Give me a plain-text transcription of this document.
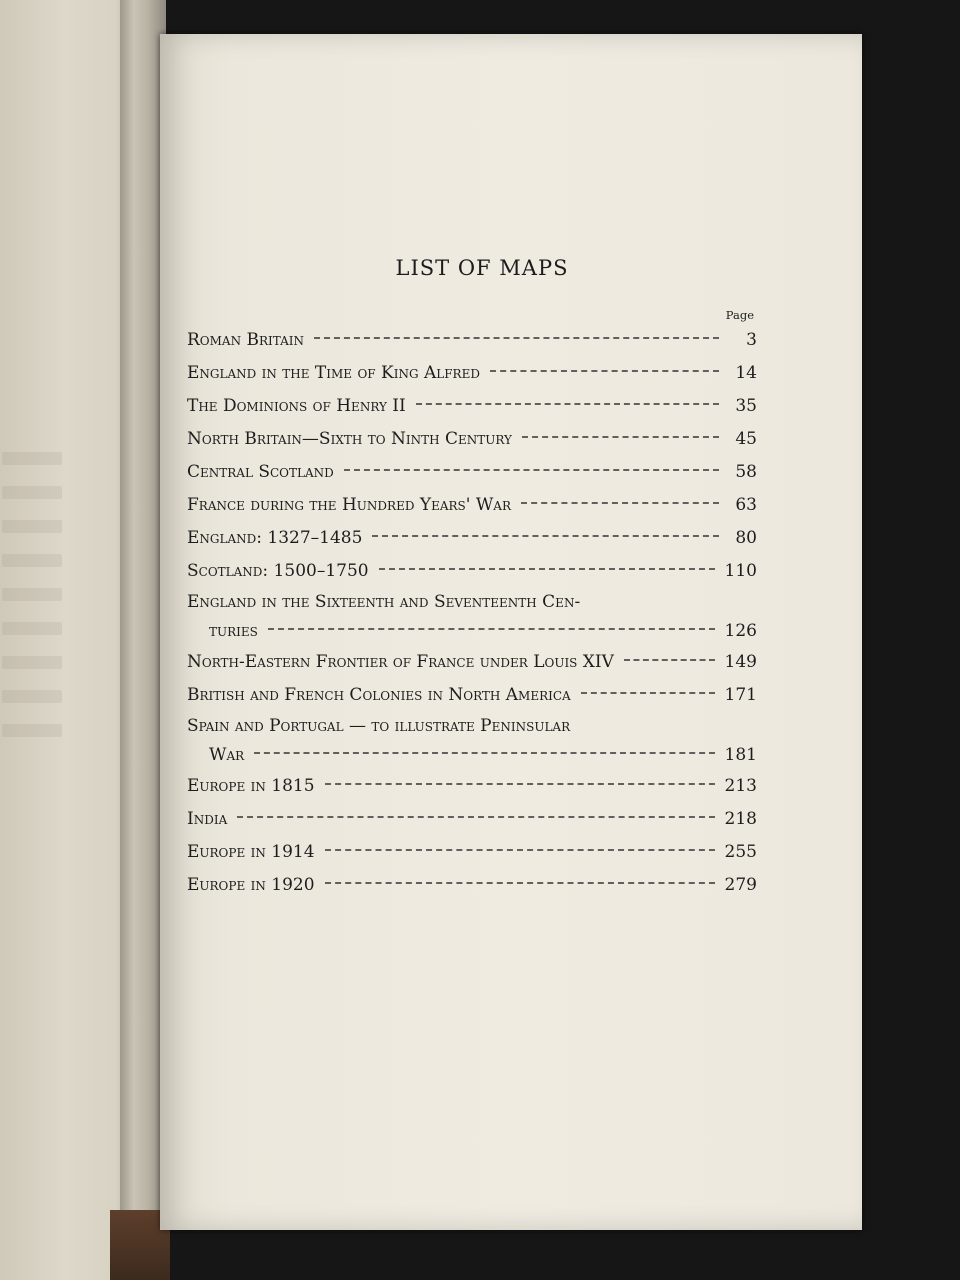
LIST OF MAPS
Page
Roman Britain	3
England in the Time of King Alfred	14
The Dominions of Henry II	35
North Britain—Sixth to Ninth Century	45
Central Scotland	58
France during the Hundred Years' War	63
England: 1327–1485	80
Scotland: 1500–1750	110
England in the Sixteenth and Seventeenth Cen-
turies	126
North-Eastern Frontier of France under Louis XIV	149
British and French Colonies in North America	171
Spain and Portugal — to illustrate Peninsular
War	181
Europe in 1815	213
India	218
Europe in 1914	255
Europe in 1920	279
